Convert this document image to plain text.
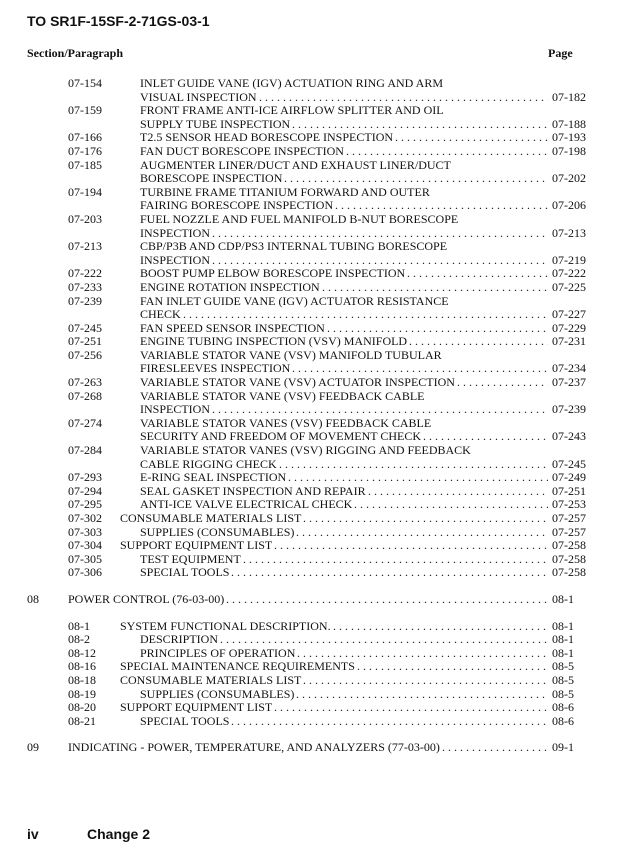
TO SR1F-15SF-2-71GS-03-1
Section/Paragraph	Page
07-154	INLET GUIDE VANE (IGV) ACTUATION RING AND ARM
VISUAL INSPECTION . . .	07-182
07-159	FRONT FRAME ANTI-ICE AIRFLOW SPLITTER AND OIL
SUPPLY TUBE INSPECTION . . .	07-188
07-166	T2.5 SENSOR HEAD BORESCOPE INSPECTION . . .	07-193
07-176	FAN DUCT BORESCOPE INSPECTION . . .	07-198
07-185	AUGMENTER LINER/DUCT AND EXHAUST LINER/DUCT
BORESCOPE INSPECTION . . .	07-202
07-194	TURBINE FRAME TITANIUM FORWARD AND OUTER
FAIRING BORESCOPE INSPECTION . . .	07-206
07-203	FUEL NOZZLE AND FUEL MANIFOLD B-NUT BORESCOPE
INSPECTION . . .	07-213
07-213	CBP/P3B AND CDP/PS3 INTERNAL TUBING BORESCOPE
INSPECTION . . .	07-219
07-222	BOOST PUMP ELBOW BORESCOPE INSPECTION . . .	07-222
07-233	ENGINE ROTATION INSPECTION . . .	07-225
07-239	FAN INLET GUIDE VANE (IGV) ACTUATOR RESISTANCE
CHECK . . .	07-227
07-245	FAN SPEED SENSOR INSPECTION . . .	07-229
07-251	ENGINE TUBING INSPECTION (VSV) MANIFOLD . . .	07-231
07-256	VARIABLE STATOR VANE (VSV) MANIFOLD TUBULAR
FIRESLEEVES INSPECTION . . .	07-234
07-263	VARIABLE STATOR VANE (VSV) ACTUATOR INSPECTION . . .	07-237
07-268	VARIABLE STATOR VANE (VSV) FEEDBACK CABLE
INSPECTION . . .	07-239
07-274	VARIABLE STATOR VANES (VSV) FEEDBACK CABLE
SECURITY AND FREEDOM OF MOVEMENT CHECK . . .	07-243
07-284	VARIABLE STATOR VANES (VSV) RIGGING AND FEEDBACK
CABLE RIGGING CHECK . . .	07-245
07-293	E-RING SEAL INSPECTION . . .	07-249
07-294	SEAL GASKET INSPECTION AND REPAIR . . .	07-251
07-295	ANTI-ICE VALVE ELECTRICAL CHECK . . .	07-253
07-302 CONSUMABLE MATERIALS LIST . . .	07-257
07-303	SUPPLIES (CONSUMABLES) . . .	07-257
07-304 SUPPORT EQUIPMENT LIST . . .	07-258
07-305	TEST EQUIPMENT . . .	07-258
07-306	SPECIAL TOOLS . . .	07-258
08 POWER CONTROL (76-03-00) . . .	08-1
08-1	SYSTEM FUNCTIONAL DESCRIPTION. . . .	08-1
08-2	DESCRIPTION . . .	08-1
08-12	PRINCIPLES OF OPERATION . . .	08-1
08-16 SPECIAL MAINTENANCE REQUIREMENTS . . .	08-5
08-18 CONSUMABLE MATERIALS LIST . . .	08-5
08-19	SUPPLIES (CONSUMABLES) . . .	08-5
08-20 SUPPORT EQUIPMENT LIST . . .	08-6
08-21	SPECIAL TOOLS . . .	08-6
09 INDICATING - POWER, TEMPERATURE, AND ANALYZERS (77-03-00) . . .	09-1
iv	Change 2
